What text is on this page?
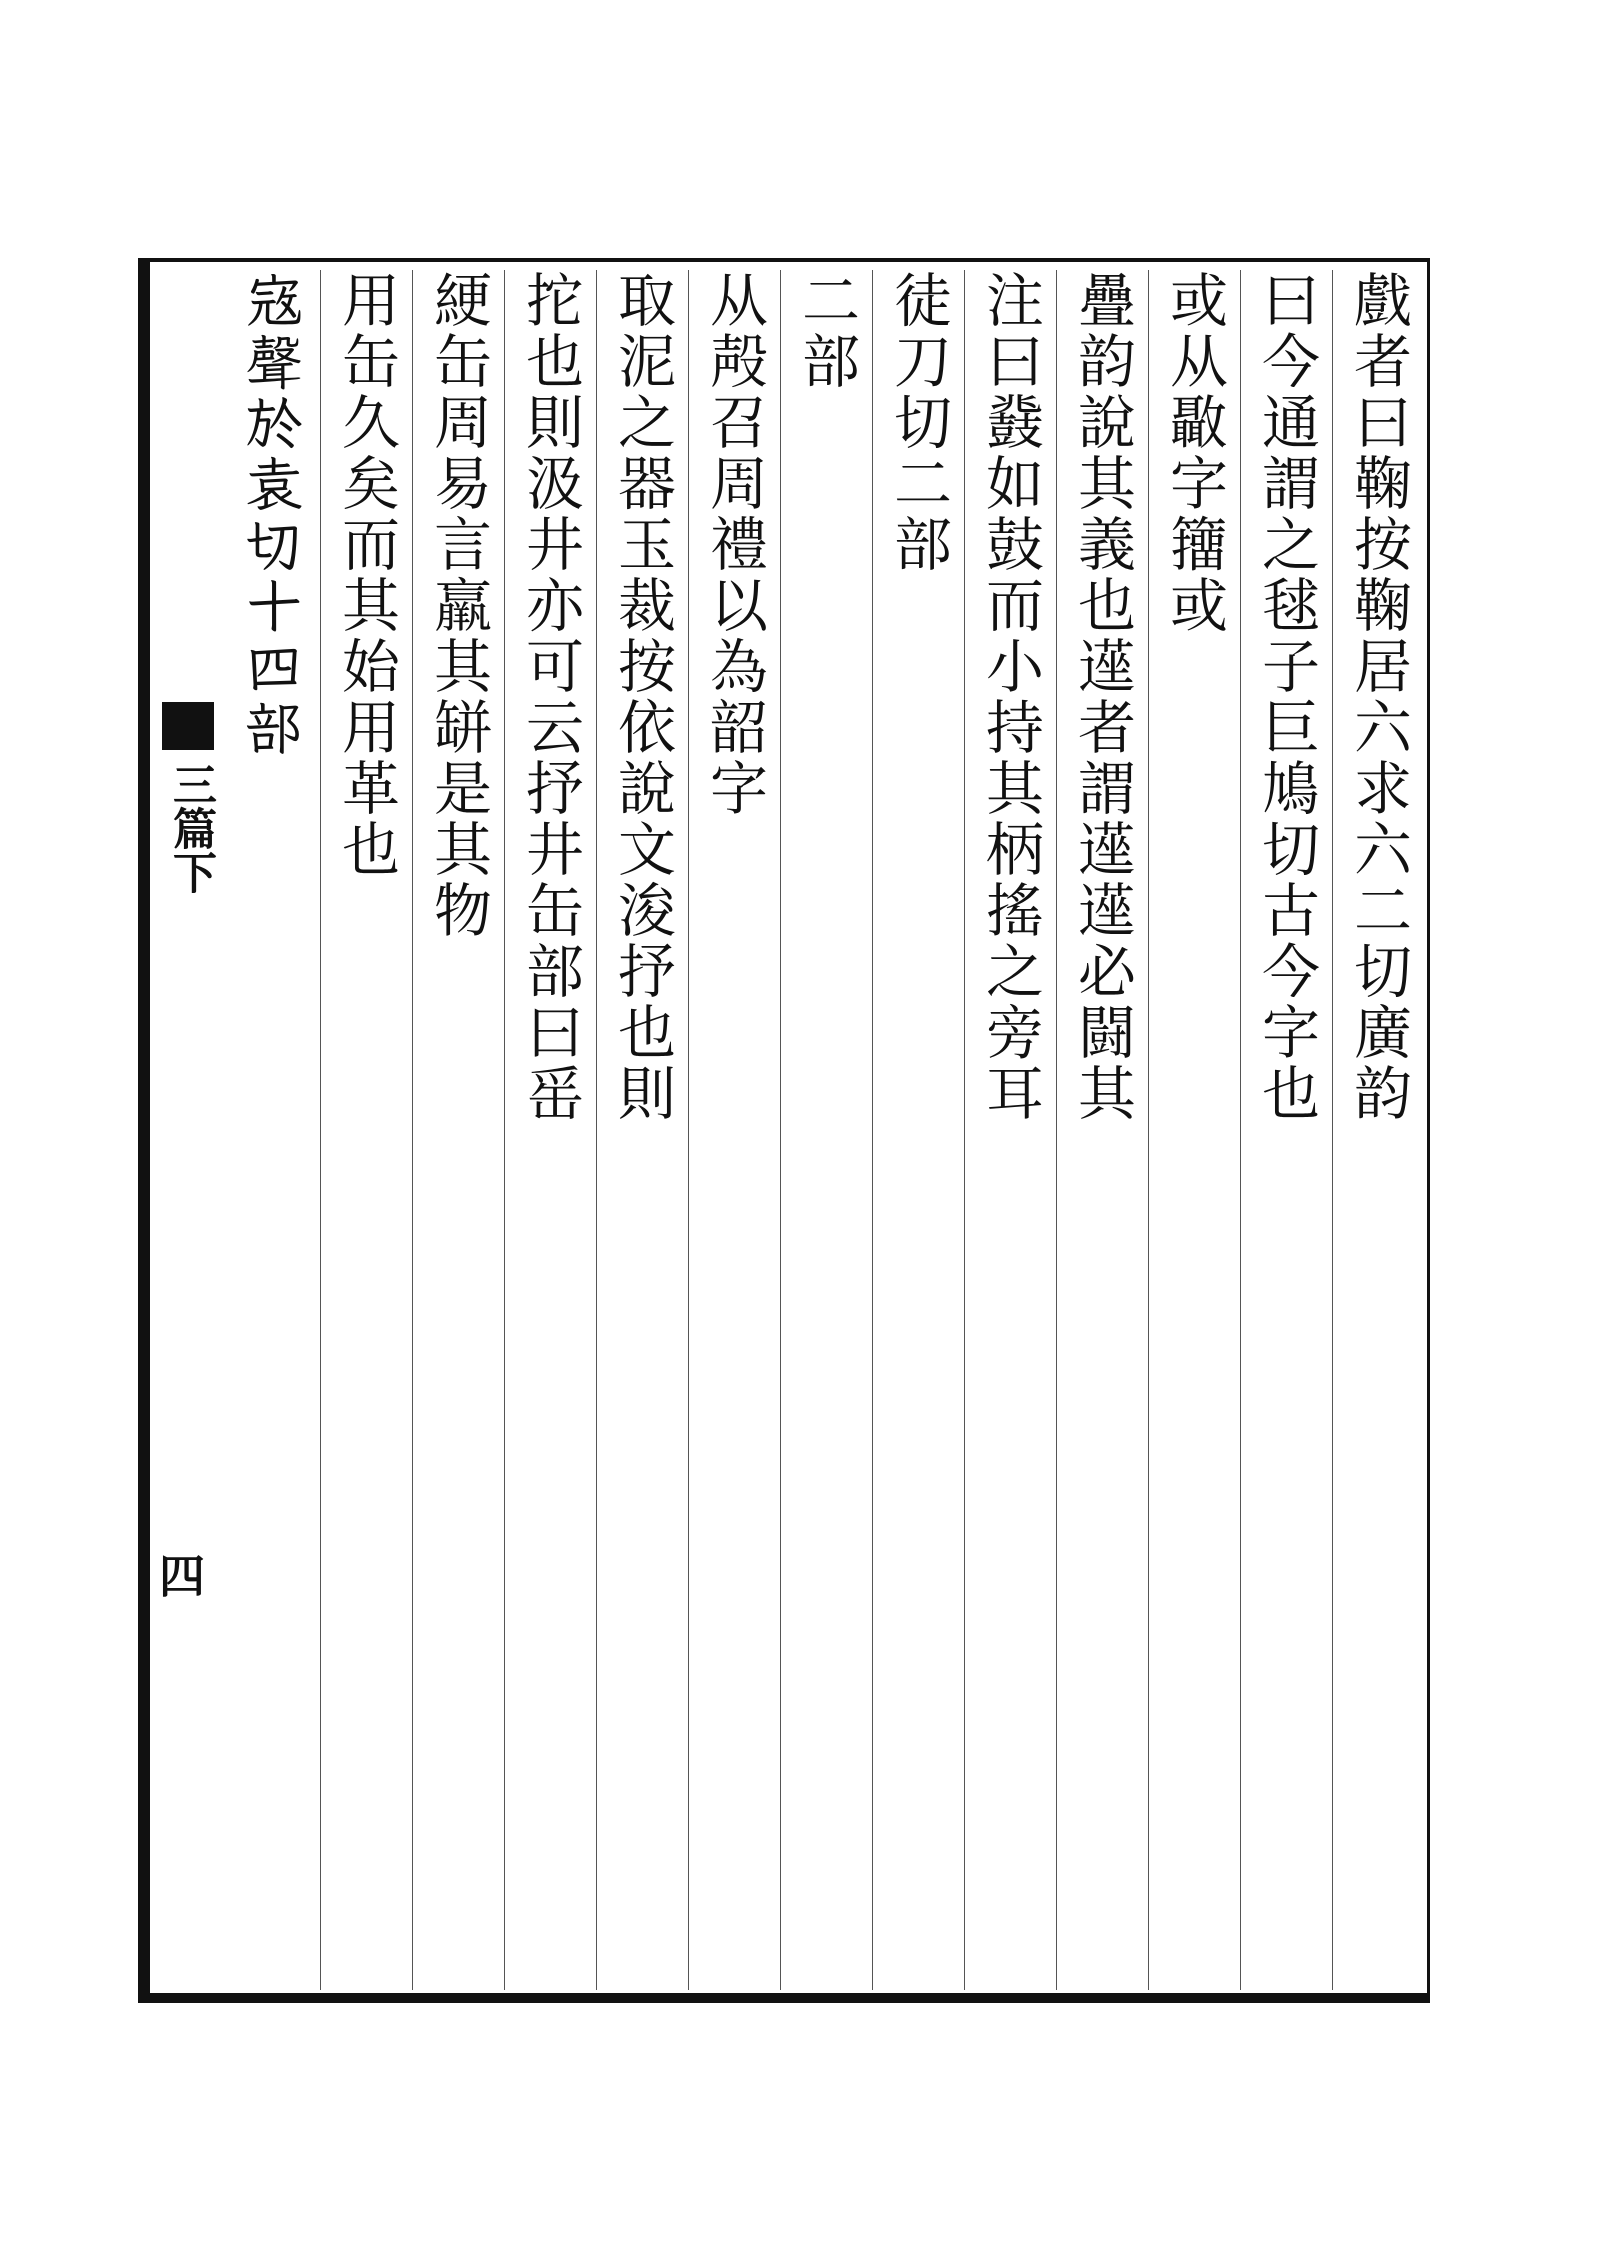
三篇下
四
戲者曰鞠按鞠居六求六二切廣韵
曰今通謂之毬子巨鳩切古今字也
或从𣀳字籒或
疊韵說其義也遳者謂遳遳必闘其
注曰鼗如鼓而小持其柄搖之旁耳
徒刀切二部
二部
从殸召周禮以為韶字
取泥之器玉裁按依說文浚抒也則
拕也則汲井亦可云抒井缶部曰䍃
綆缶周易言羸其缾是其物
用缶久矣而其始用革也
𡨥聲於袁切十四部
